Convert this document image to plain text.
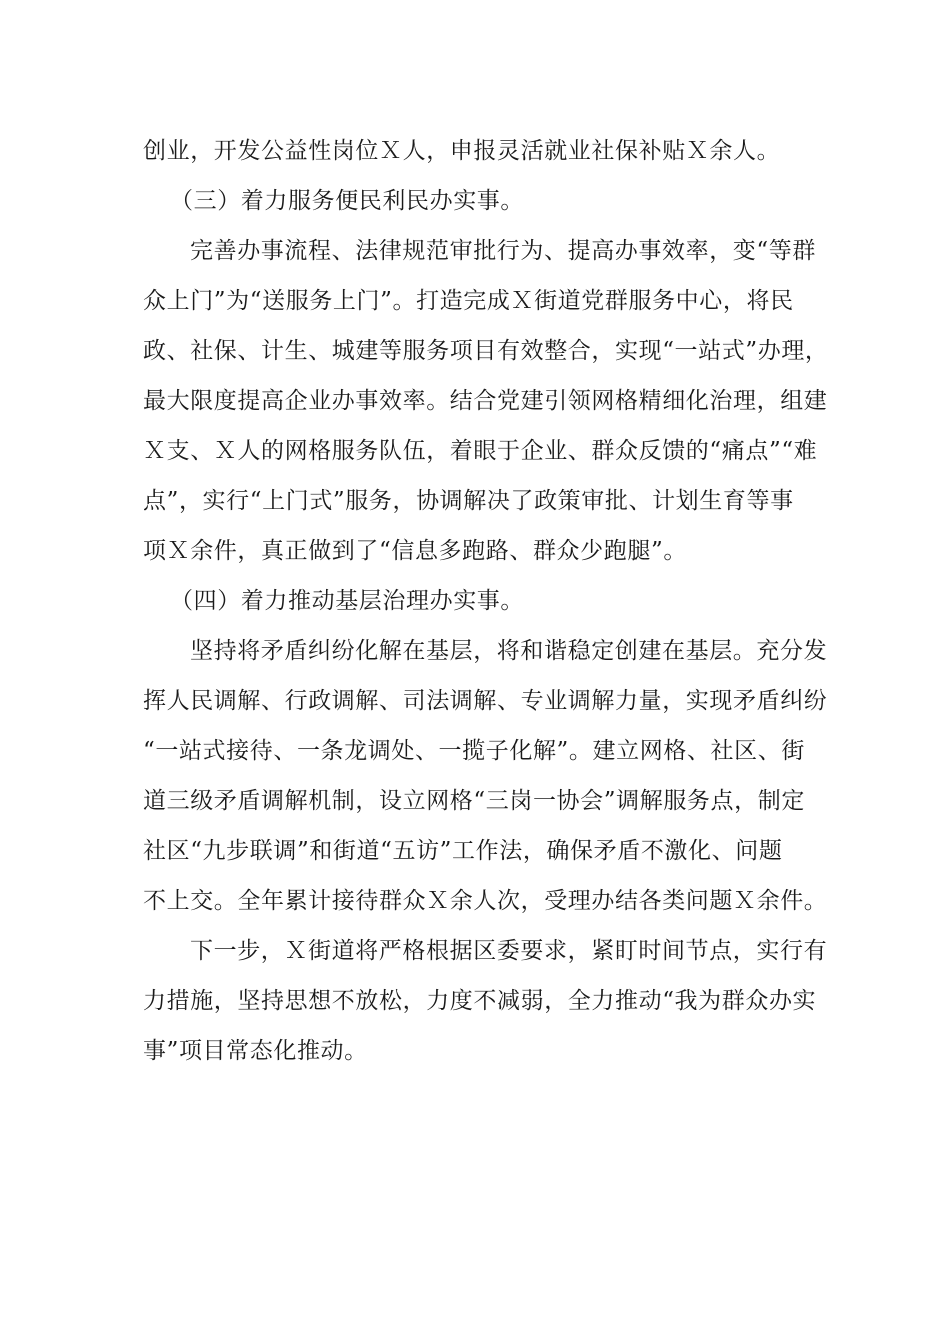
创业，开发公益性岗位Ｘ人，申报灵活就业社保补贴Ｘ余人。
（三）着力服务便民利民办实事。
完善办事流程、法律规范审批行为、提高办事效率，变“等群
众上门”为“送服务上门”。打造完成Ｘ街道党群服务中心，将民
政、社保、计生、城建等服务项目有效整合，实现“一站式”办理，
最大限度提高企业办事效率。结合党建引领网格精细化治理，组建
Ｘ支、Ｘ人的网格服务队伍，着眼于企业、群众反馈的“痛点”“难
点”，实行“上门式”服务，协调解决了政策审批、计划生育等事
项Ｘ余件，真正做到了“信息多跑路、群众少跑腿”。
（四）着力推动基层治理办实事。
坚持将矛盾纠纷化解在基层，将和谐稳定创建在基层。充分发
挥人民调解、行政调解、司法调解、专业调解力量，实现矛盾纠纷
“一站式接待、一条龙调处、一揽子化解”。建立网格、社区、街
道三级矛盾调解机制，设立网格“三岗一协会”调解服务点，制定
社区“九步联调”和街道“五访”工作法，确保矛盾不激化、问题
不上交。全年累计接待群众Ｘ余人次，受理办结各类问题Ｘ余件。
下一步，Ｘ街道将严格根据区委要求，紧盯时间节点，实行有
力措施，坚持思想不放松，力度不减弱，全力推动“我为群众办实
事”项目常态化推动。
